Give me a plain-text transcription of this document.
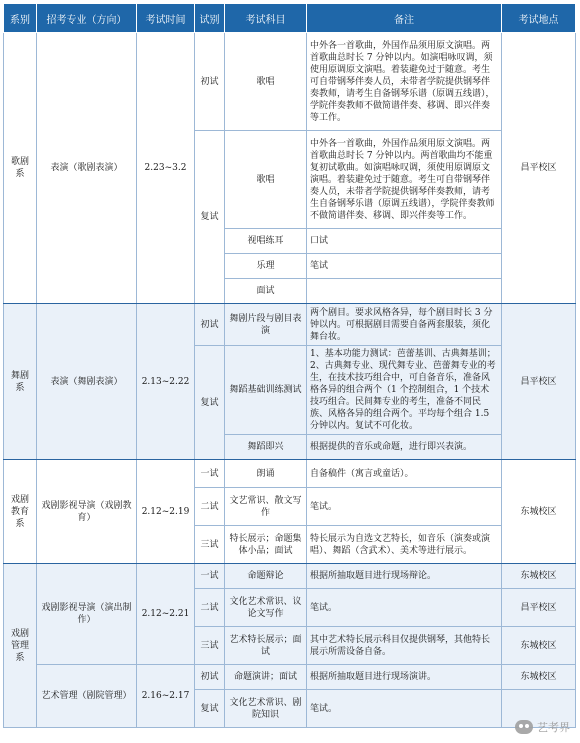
系别	招考专业（方向）	考试时间	试别	考试科目	备注	考试地点
歌剧系	表演（歌剧表演）	2.23~3.2	初试	歌唱	中外各一首歌曲，外国作品须用原文演唱。两首歌曲总时长 7 分钟以内。如演唱咏叹调，须使用原调原文演唱。着装避免过于随意。考生可自带钢琴伴奏人员，未带者学院提供钢琴伴奏教师，请考生自备钢琴乐谱（原调五线谱），学院伴奏教师不做简谱伴奏、移调、即兴伴奏等工作。	昌平校区
			复试	歌唱	中外各一首歌曲，外国作品须用原文演唱。两首歌曲总时长 7 分钟以内。两首歌曲均不能重复初试歌曲。如演唱咏叹调，须使用原调原文演唱。着装避免过于随意。考生可自带钢琴伴奏人员，未带者学院提供钢琴伴奏教师，请考生自备钢琴乐谱（原调五线谱），学院伴奏教师不做简谱伴奏、移调、即兴伴奏等工作。	
				视唱练耳	口试	
				乐理	笔试	
				面试		
舞剧系	表演（舞剧表演）	2.13~2.22	初试	舞剧片段与剧目表演	两个剧目。要求风格各异，每个剧目时长 3 分钟以内。可根据剧目需要自备两套服装，须化舞台妆。	昌平校区
			复试	舞蹈基础训练测试	1、基本功能力测试：芭蕾基训、古典舞基训；2、古典舞专业、现代舞专业、芭蕾舞专业的考生，在技术技巧组合中，可自备音乐，准备风格各异的组合两个（1 个控制组合，1 个技术技巧组合。民间舞专业的考生，准备不同民族、风格各异的组合两个。平均每个组合 1.5 分钟以内。复试不可化妆。	
				舞蹈即兴	根据提供的音乐或命题，进行即兴表演。	
戏剧教育系	戏剧影视导演（戏剧教育）	2.12~2.19	一试	朗诵	自备稿件（寓言或童话）。	东城校区
			二试	文艺常识、散文写作	笔试。	
			三试	特长展示；命题集体小品；面试	特长展示为自选文艺特长，如音乐（演奏或演唱）、舞蹈（含武术）、美术等进行展示。	
戏剧管理系	戏剧影视导演（演出制作）	2.12~2.21	一试	命题辩论	根据所抽取题目进行现场辩论。	东城校区
			二试	文化艺术常识、议论文写作	笔试。	昌平校区
			三试	艺术特长展示；面试	其中艺术特长展示科目仅提供钢琴，其他特长展示所需设备自备。	东城校区
	艺术管理（剧院管理）	2.16~2.17	初试	命题演讲；面试	根据所抽取题目进行现场演讲。	东城校区
			复试	文化艺术常识、剧院知识	笔试。	
艺考界
